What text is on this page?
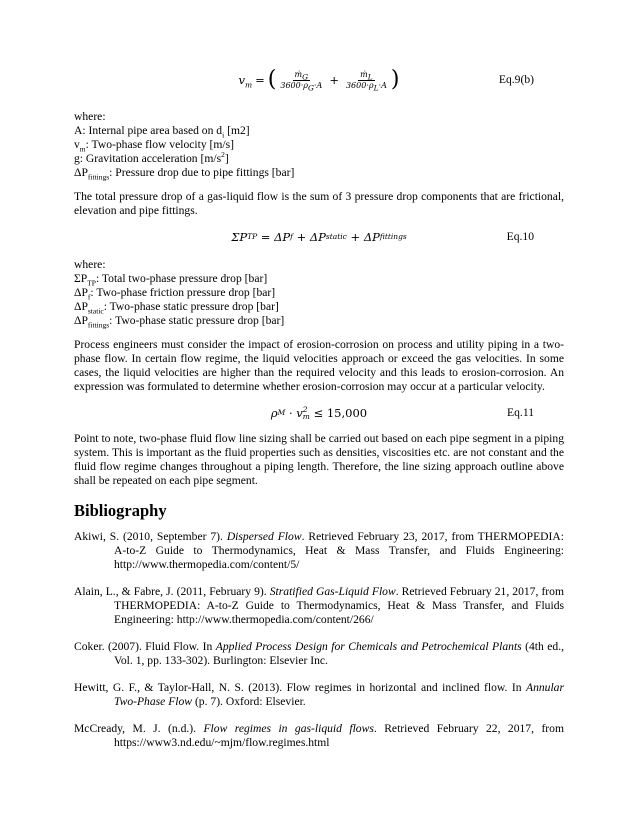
$v_m$ = ( $\frac{ṁ_G}{3600\cdot\rho_G\cdot A} + \frac{ṁ_L}{3600\cdot\rho_L\cdot A}$ )	Eq.9(b)
where:
A: Internal pipe area based on $d_i$ [m2]
$v_m$: Two-phase flow velocity [m/s]
g: Gravitation acceleration $[m/s^2]$
$\Delta P_{fittings}$: Pressure drop due to pipe fittings [bar]

The total pressure drop of a gas-liquid flow is the sum of 3 pressure drop components that are frictional, elevation and pipe fittings.

ΣP TP = ΔP f + ΔP static + ΔP fittings	Eq.10
where:
$\Sigma P_{TP}$: Total two-phase pressure drop [bar]
$\Delta P_f$: Two-phase friction pressure drop [bar]
$\Delta P_{static}$: Two-phase static pressure drop [bar]
$\Delta P_{fittings}$: Two-phase static pressure drop [bar]

Process engineers must consider the impact of erosion-corrosion on process and utility piping in a two-phase flow. In certain flow regime, the liquid velocities approach or exceed the gas velocities. In some cases, the liquid velocities are higher than the required velocity and this leads to erosion-corrosion. An expression was formulated to determine whether erosion-corrosion may occur at a particular velocity.

ρ M · v 2
m ≤ 15,000	Eq.11

Point to note, two-phase fluid flow line sizing shall be carried out based on each pipe segment in a piping system. This is important as the fluid properties such as densities, viscosities etc. are not constant and the fluid flow regime changes throughout a piping length. Therefore, the line sizing approach outline above shall be repeated on each pipe segment.

Bibliography
Akiwi, S. (2010, September 7). Dispersed Flow. Retrieved February 23, 2017, from THERMOPEDIA: A-to-Z Guide to Thermodynamics, Heat & Mass Transfer, and Fluids Engineering: http://www.thermopedia.com/content/5/
Alain, L., & Fabre, J. (2011, February 9). Stratified Gas-Liquid Flow. Retrieved February 21, 2017, from THERMOPEDIA: A-to-Z Guide to Thermodynamics, Heat & Mass Transfer, and Fluids Engineering: http://www.thermopedia.com/content/266/
Coker. (2007). Fluid Flow. In Applied Process Design for Chemicals and Petrochemical Plants (4th ed., Vol. 1, pp. 133-302). Burlington: Elsevier Inc.
Hewitt, G. F., & Taylor-Hall, N. S. (2013). Flow regimes in horizontal and inclined flow. In Annular Two-Phase Flow (p. 7). Oxford: Elsevier.
McCready, M. J. (n.d.). Flow regimes in gas-liquid flows. Retrieved February 22, 2017, from https://www3.nd.edu/~mjm/flow.regimes.html
